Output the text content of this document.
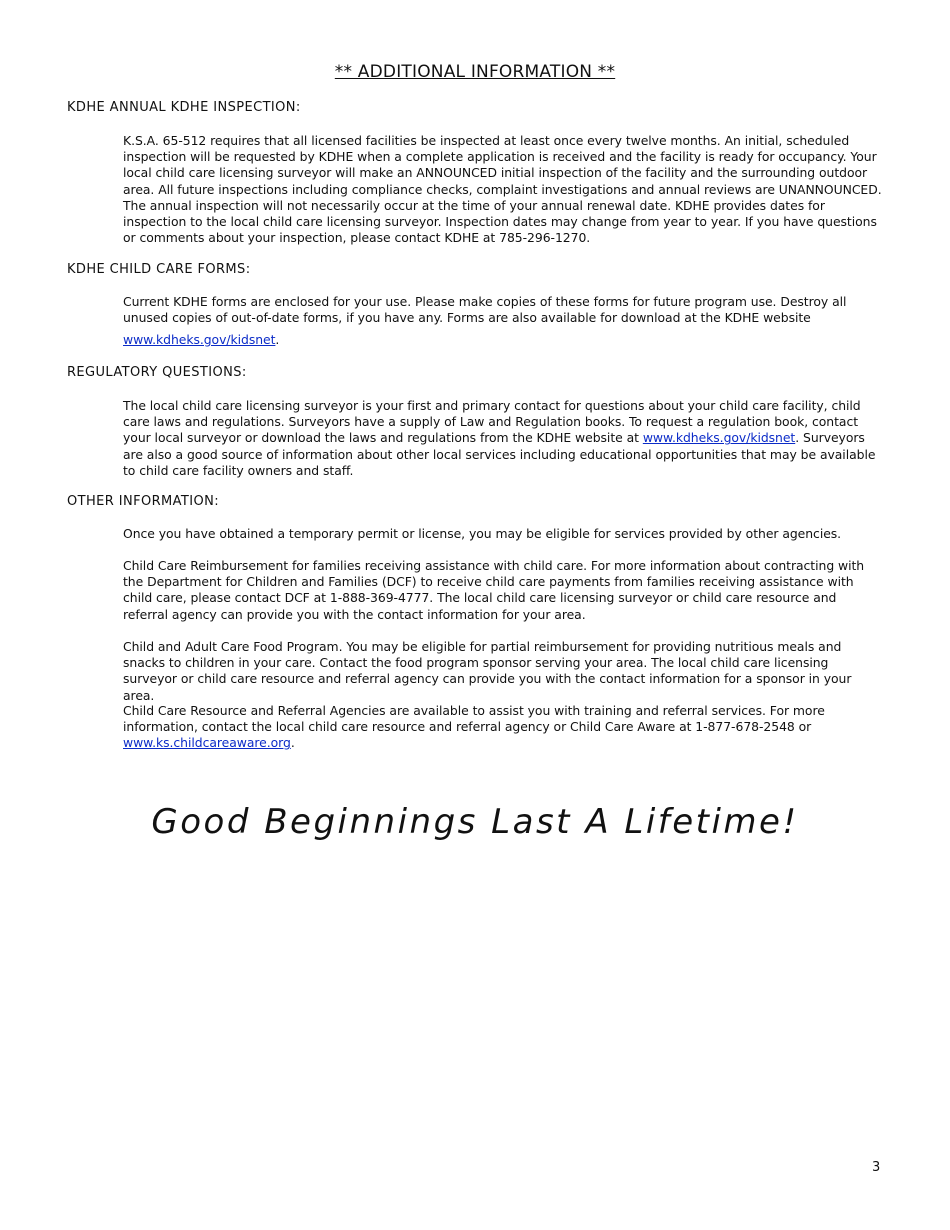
** ADDITIONAL INFORMATION **
KDHE ANNUAL KDHE INSPECTION:
K.S.A. 65-512 requires that all licensed facilities be inspected at least once every twelve months. An initial, scheduled inspection will be requested by KDHE when a complete application is received and the facility is ready for occupancy. Your local child care licensing surveyor will make an ANNOUNCED initial inspection of the facility and the surrounding outdoor area. All future inspections including compliance checks, complaint investigations and annual reviews are UNANNOUNCED. The annual inspection will not necessarily occur at the time of your annual renewal date. KDHE provides dates for inspection to the local child care licensing surveyor. Inspection dates may change from year to year. If you have questions or comments about your inspection, please contact KDHE at 785-296-1270.
KDHE CHILD CARE FORMS:
Current KDHE forms are enclosed for your use. Please make copies of these forms for future program use. Destroy all unused copies of out-of-date forms, if you have any. Forms are also available for download at the KDHE website
www.kdheks.gov/kidsnet.
REGULATORY QUESTIONS:
The local child care licensing surveyor is your first and primary contact for questions about your child care facility, child care laws and regulations. Surveyors have a supply of Law and Regulation books. To request a regulation book, contact your local surveyor or download the laws and regulations from the KDHE website at www.kdheks.gov/kidsnet. Surveyors are also a good source of information about other local services including educational opportunities that may be available to child care facility owners and staff.
OTHER INFORMATION:
Once you have obtained a temporary permit or license, you may be eligible for services provided by other agencies.
Child Care Reimbursement for families receiving assistance with child care. For more information about contracting with the Department for Children and Families (DCF) to receive child care payments from families receiving assistance with child care, please contact DCF at 1-888-369-4777. The local child care licensing surveyor or child care resource and referral agency can provide you with the contact information for your area.
Child and Adult Care Food Program. You may be eligible for partial reimbursement for providing nutritious meals and snacks to children in your care. Contact the food program sponsor serving your area. The local child care licensing surveyor or child care resource and referral agency can provide you with the contact information for a sponsor in your area.
Child Care Resource and Referral Agencies are available to assist you with training and referral services. For more information, contact the local child care resource and referral agency or Child Care Aware at 1-877-678-2548 or www.ks.childcareaware.org.
Good Beginnings Last A Lifetime!
3
